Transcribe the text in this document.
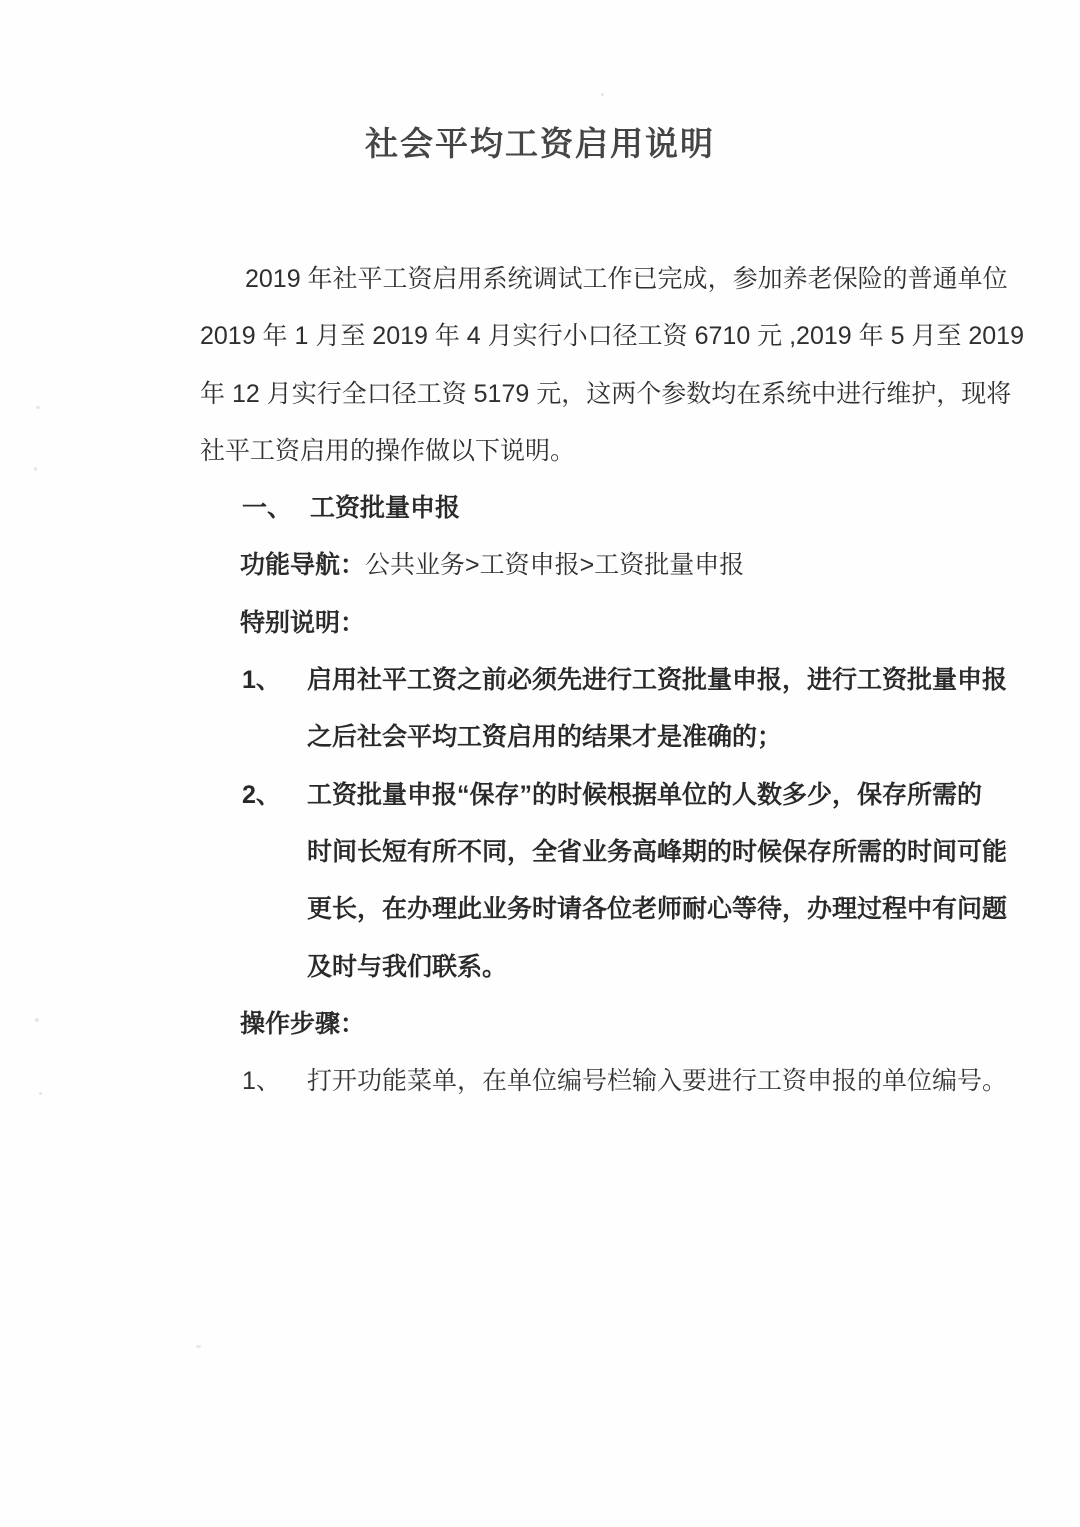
社会平均工资启用说明
2019 年社平工资启用系统调试工作已完成，参加养老保险的普通单位
2019 年 1 月至 2019 年 4 月实行小口径工资 6710 元 ,2019 年 5 月至 2019
年 12 月实行全口径工资 5179 元，这两个参数均在系统中进行维护，现将
社平工资启用的操作做以下说明。
一、 工资批量申报
功能导航：公共业务>工资申报>工资批量申报
特别说明：
1、	启用社平工资之前必须先进行工资批量申报，进行工资批量申报
之后社会平均工资启用的结果才是准确的；
2、	工资批量申报“保存”的时候根据单位的人数多少，保存所需的
时间长短有所不同，全省业务高峰期的时候保存所需的时间可能
更长，在办理此业务时请各位老师耐心等待，办理过程中有问题
及时与我们联系。
操作步骤：
1、	打开功能菜单，在单位编号栏输入要进行工资申报的单位编号。
